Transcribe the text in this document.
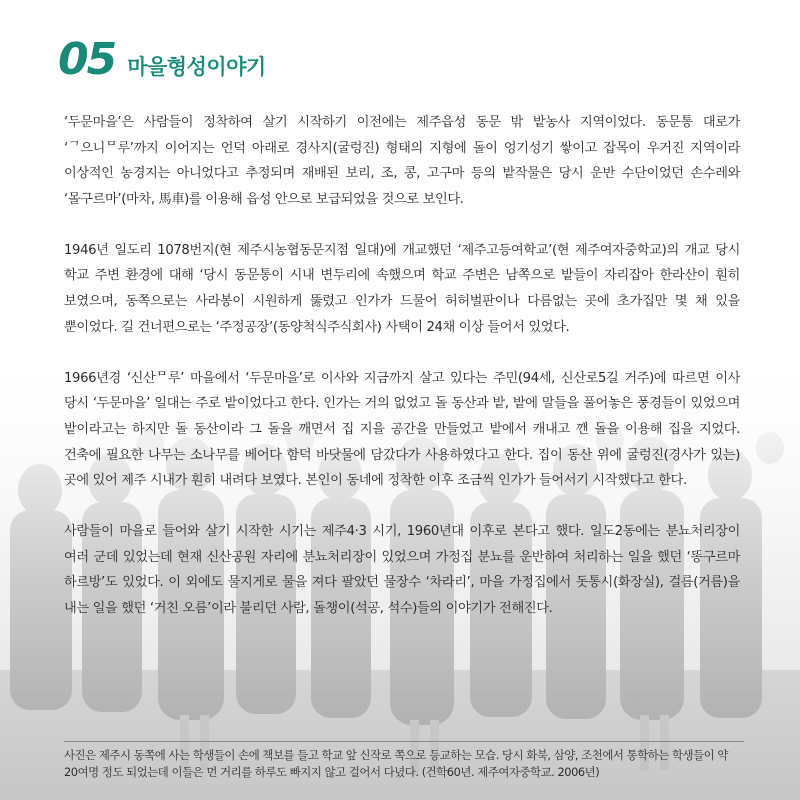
05 마을형성이야기

‘두문마을’은 사람들이 정착하여 살기 시작하기 이전에는 제주읍성 동문 밖 밭농사 지역이었다. 동문통 대로가 ‘ᄀ으니ᄆ루’까지 이어지는 언덕 아래로 경사지(굴렁진) 형태의 지형에 돌이 엉기성기 쌓이고 잡목이 우거진 지역이라 이상적인 농경지는 아니었다고 추정되며 재배된 보리, 조, 콩, 고구마 등의 밭작물은 당시 운반 수단이었던 손수레와 ‘몰구르마’(마차, 馬車)를 이용해 읍성 안으로 보급되었을 것으로 보인다.

1946년 일도리 1078번지(현 제주시농협동문지점 일대)에 개교했던 ‘제주고등여학교’(현 제주여자중학교)의 개교 당시 학교 주변 환경에 대해 ‘당시 동문통이 시내 변두리에 속했으며 학교 주변은 남쪽으로 밭들이 자리잡아 한라산이 훤히 보였으며, 동쪽으로는 사라봉이 시원하게 뚫렸고 인가가 드물어 허허벌판이나 다름없는 곳에 초가집만 몇 채 있을 뿐이었다. 길 건너편으로는 ‘주정공장’(동양척식주식회사) 사택이 24채 이상 들어서 있었다.

1966년경 ‘신산ᄆ루’ 마을에서 ‘두문마을’로 이사와 지금까지 살고 있다는 주민(94세, 신산로5길 거주)에 따르면 이사 당시 ‘두문마을’ 일대는 주로 밭이었다고 한다. 인가는 거의 없었고 돌 동산과 밭, 밭에 말들을 풀어놓은 풍경들이 있었으며 밭이라고는 하지만 돌 동산이라 그 돌을 깨면서 집 지을 공간을 만들었고 밭에서 캐내고 깬 돌을 이용해 집을 지었다. 건축에 필요한 나무는 소나무를 베어다 함덕 바닷물에 담갔다가 사용하였다고 한다. 집이 동산 위에 굴렁진(경사가 있는) 곳에 있어 제주 시내가 훤히 내려다 보였다. 본인이 동네에 정착한 이후 조금씩 인가가 들어서기 시작했다고 한다.

사람들이 마을로 들어와 살기 시작한 시기는 제주4·3 시기, 1960년대 이후로 본다고 했다. 일도2동에는 분뇨처리장이 여러 군데 있었는데 현재 신산공원 자리에 분뇨처리장이 있었으며 가정집 분뇨를 운반하여 처리하는 일을 했던 ‘똥구르마 하르방’도 있었다. 이 외에도 물지게로 물을 져다 팔았던 물장수 ‘차라리’, 마을 가정집에서 돗통시(화장실), 걸름(거름)을 내는 일을 했던 ‘거친 오름’이라 불리던 사람, 돌챙이(석공, 석수)들의 이야기가 전해진다.

사진은 제주시 동쪽에 사는 학생들이 손에 책보를 들고 학교 앞 신작로 쪽으로 등교하는 모습. 당시 화북, 삼양, 조천에서 통학하는 학생들이 약 20여명 정도 되었는데 이들은 먼 거리를 하루도 빠지지 않고 걸어서 다녔다. (건학60년. 제주여자중학교. 2006년)
